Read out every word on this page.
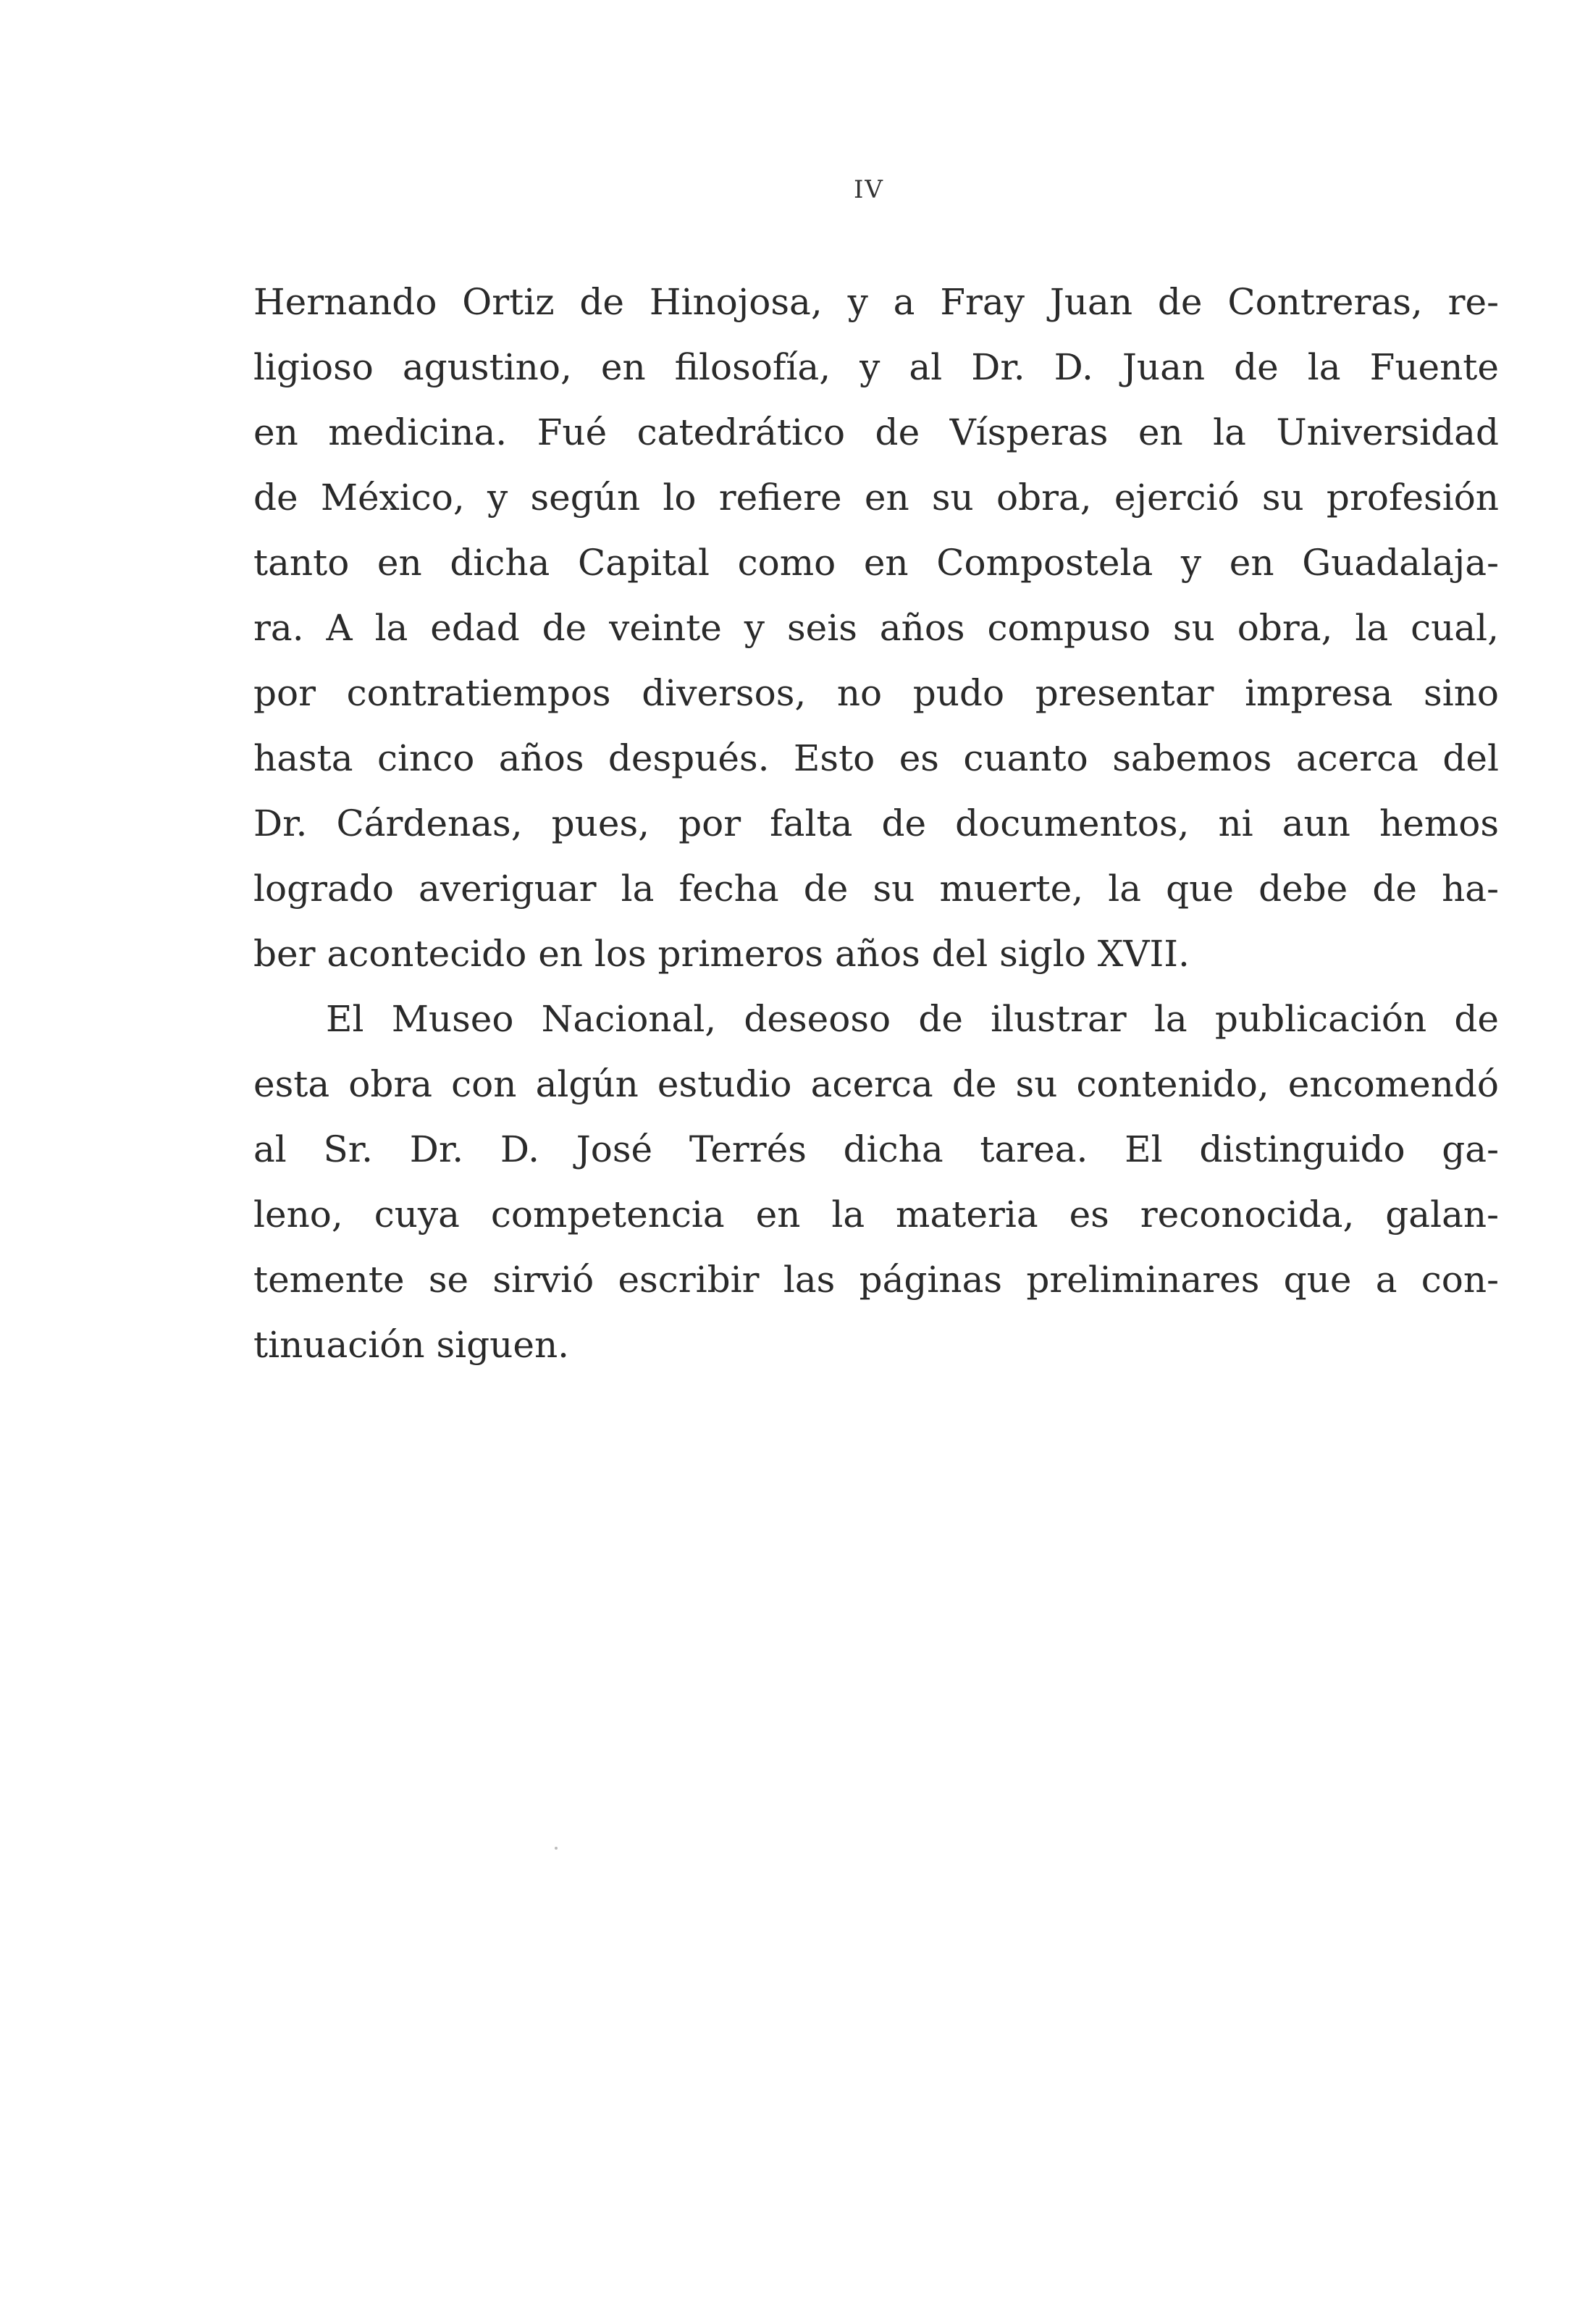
IV
Hernando Ortiz de Hinojosa, y a Fray Juan de Contreras, re-
ligioso agustino, en filosofía, y al Dr. D. Juan de la Fuente
en medicina. Fué catedrático de Vísperas en la Universidad
de México, y según lo refiere en su obra, ejerció su profesión
tanto en dicha Capital como en Compostela y en Guadalaja-
ra. A la edad de veinte y seis años compuso su obra, la cual,
por contratiempos diversos, no pudo presentar impresa sino
hasta cinco años después. Esto es cuanto sabemos acerca del
Dr. Cárdenas, pues, por falta de documentos, ni aun hemos
logrado averiguar la fecha de su muerte, la que debe de ha-
ber acontecido en los primeros años del siglo XVII.
El Museo Nacional, deseoso de ilustrar la publicación de
esta obra con algún estudio acerca de su contenido, encomendó
al Sr. Dr. D. José Terrés dicha tarea. El distinguido ga-
leno, cuya competencia en la materia es reconocida, galan-
temente se sirvió escribir las páginas preliminares que a con-
tinuación siguen.
